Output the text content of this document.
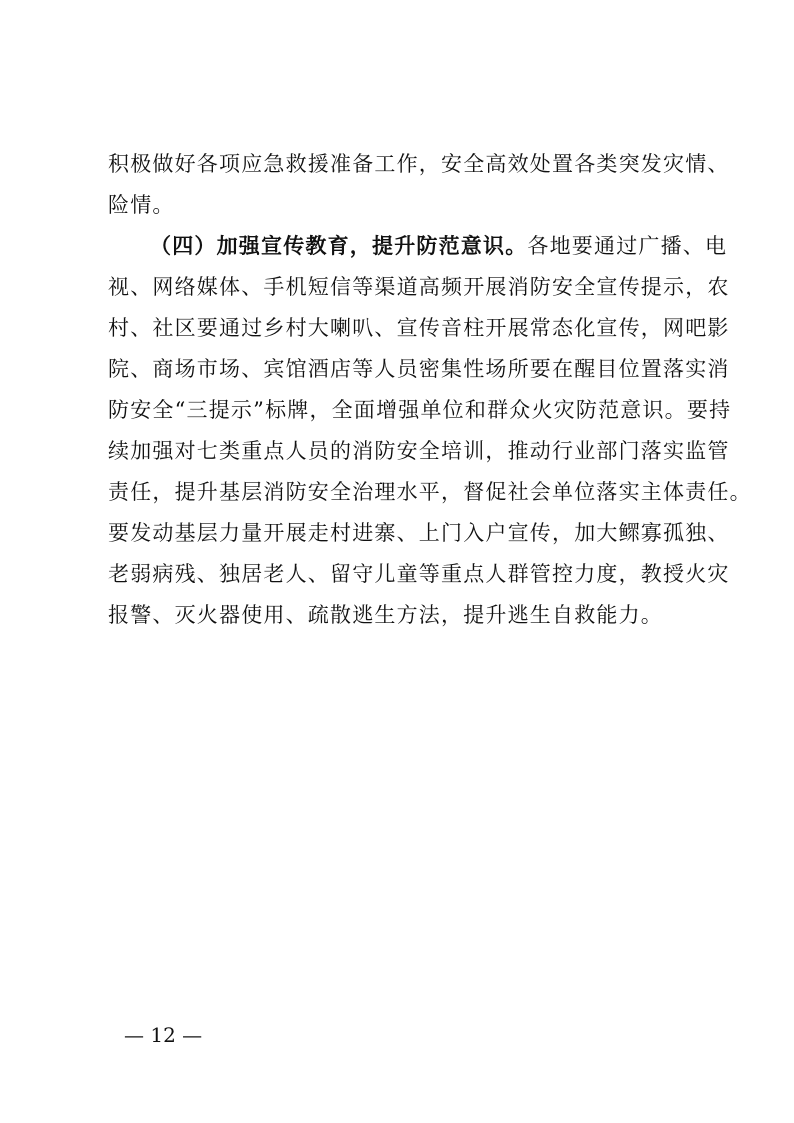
积极做好各项应急救援准备工作，安全高效处置各类突发灾情、
险情。
（四）加强宣传教育，提升防范意识。各地要通过广播、电
视、网络媒体、手机短信等渠道高频开展消防安全宣传提示，农
村、社区要通过乡村大喇叭、宣传音柱开展常态化宣传，网吧影
院、商场市场、宾馆酒店等人员密集性场所要在醒目位置落实消
防安全“三提示”标牌，全面增强单位和群众火灾防范意识。要持
续加强对七类重点人员的消防安全培训，推动行业部门落实监管
责任，提升基层消防安全治理水平，督促社会单位落实主体责任。
要发动基层力量开展走村进寨、上门入户宣传，加大鳏寡孤独、
老弱病残、独居老人、留守儿童等重点人群管控力度，教授火灾
报警、灭火器使用、疏散逃生方法，提升逃生自救能力。
— 12 —
